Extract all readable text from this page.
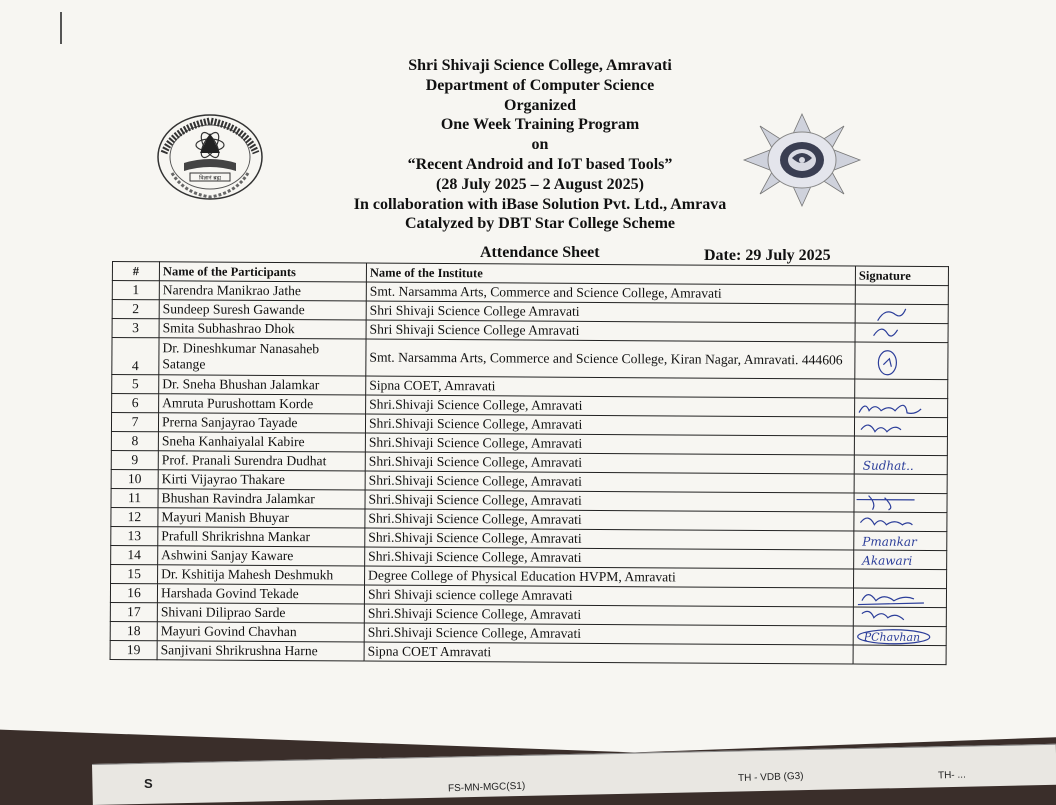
विज्ञानं ब्रह्म
Shri Shivaji Science College, Amravati
Department of Computer Science
Organized
One Week Training Program
on
“Recent Android and IoT based Tools”
(28 July 2025 – 2 August 2025)
In collaboration with iBase Solution Pvt. Ltd., Amrava
Catalyzed by DBT Star College Scheme
Attendance Sheet	Date: 29 July 2025
#	Name of the Participants	Name of the Institute	Signature
1	Narendra Manikrao Jathe	Smt. Narsamma Arts, Commerce and Science College, Amravati	
2	Sundeep Suresh Gawande	Shri Shivaji Science College Amravati	

3	Smita Subhashrao Dhok	Shri Shivaji Science College Amravati	

4	Dr. Dineshkumar Nanasaheb Satange	Smt. Narsamma Arts, Commerce and Science College, Kiran Nagar, Amravati. 444606	

5	Dr. Sneha Bhushan Jalamkar	Sipna COET, Amravati	
6	Amruta Purushottam Korde	Shri.Shivaji Science College, Amravati	

7	Prerna Sanjayrao Tayade	Shri.Shivaji Science College, Amravati	

8	Sneha Kanhaiyalal Kabire	Shri.Shivaji Science College, Amravati	
9	Prof. Pranali Surendra Dudhat	Shri.Shivaji Science College, Amravati	Sudhat..

10	Kirti Vijayrao Thakare	Shri.Shivaji Science College, Amravati	
11	Bhushan Ravindra Jalamkar	Shri.Shivaji Science College, Amravati	

12	Mayuri Manish Bhuyar	Shri.Shivaji Science College, Amravati	

13	Prafull Shrikrishna Mankar	Shri.Shivaji Science College, Amravati	Pmankar

14	Ashwini Sanjay Kaware	Shri.Shivaji Science College, Amravati	Akawari

15	Dr. Kshitija Mahesh Deshmukh	Degree College of Physical Education HVPM, Amravati	
16	Harshada Govind Tekade	Shri Shivaji science college Amravati	

17	Shivani Diliprao Sarde	Shri.Shivaji Science College, Amravati	

18	Mayuri Govind Chavhan	Shri.Shivaji Science College, Amravati	PChavhan

19	Sanjivani Shrikrushna Harne	Sipna COET Amravati	
S	FS-MN-MGC(S1)
TH - VDB (G3)	TH- ...
